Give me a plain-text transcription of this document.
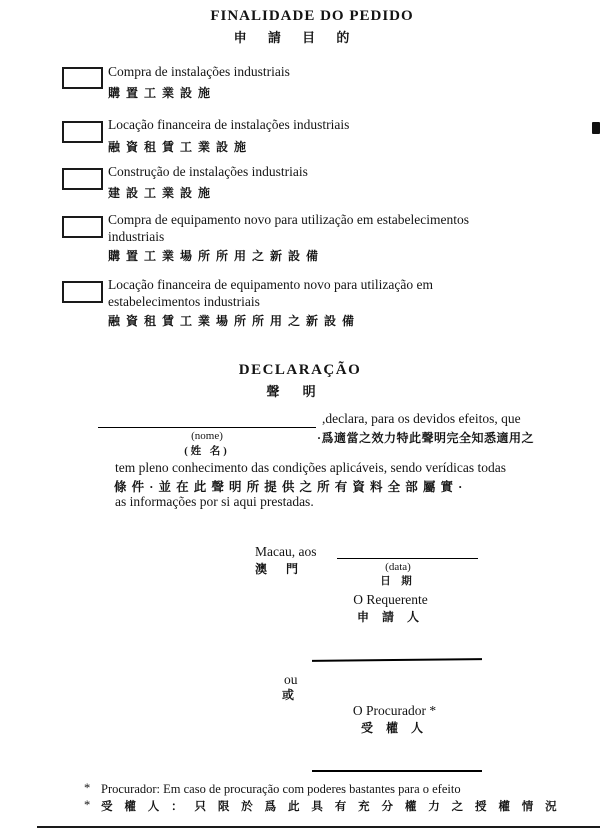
FINALIDADE DO PEDIDO
申 請 目 的
Compra de instalações industriais
購 置 工 業 設 施
Locação financeira de instalações industriais
融 資 租 賃 工 業 設 施
Construção de instalações industriais
建 設 工 業 設 施
Compra de equipamento novo para utilização em estabelecimentos
industriais
購 置 工 業 場 所 所 用 之 新 設 備
Locação financeira de equipamento novo para utilização em
estabelecimentos industriais
融 資 租 賃 工 業 場 所 所 用 之 新 設 備
DECLARAÇÃO
聲 明
,declara, para os devidos efeitos, que
·爲適當之效力特此聲明完全知悉適用之
(nome)
(姓 名)
tem pleno conhecimento das condições aplicáveis, sendo verídicas todas
條 件 · 並 在 此 聲 明 所 提 供 之 所 有 資 料 全 部 屬 實 ·
as informações por si aqui prestadas.
Macau, aos
澳 門	(data)
日 期
O Requerente
申 請 人
ou
或
O Procurador *
受 權 人
* Procurador: Em caso de procuração com poderes bastantes para o efeito
* 受 權 人 ： 只 限 於 爲 此 具 有 充 分 權 力 之 授 權 情 況
